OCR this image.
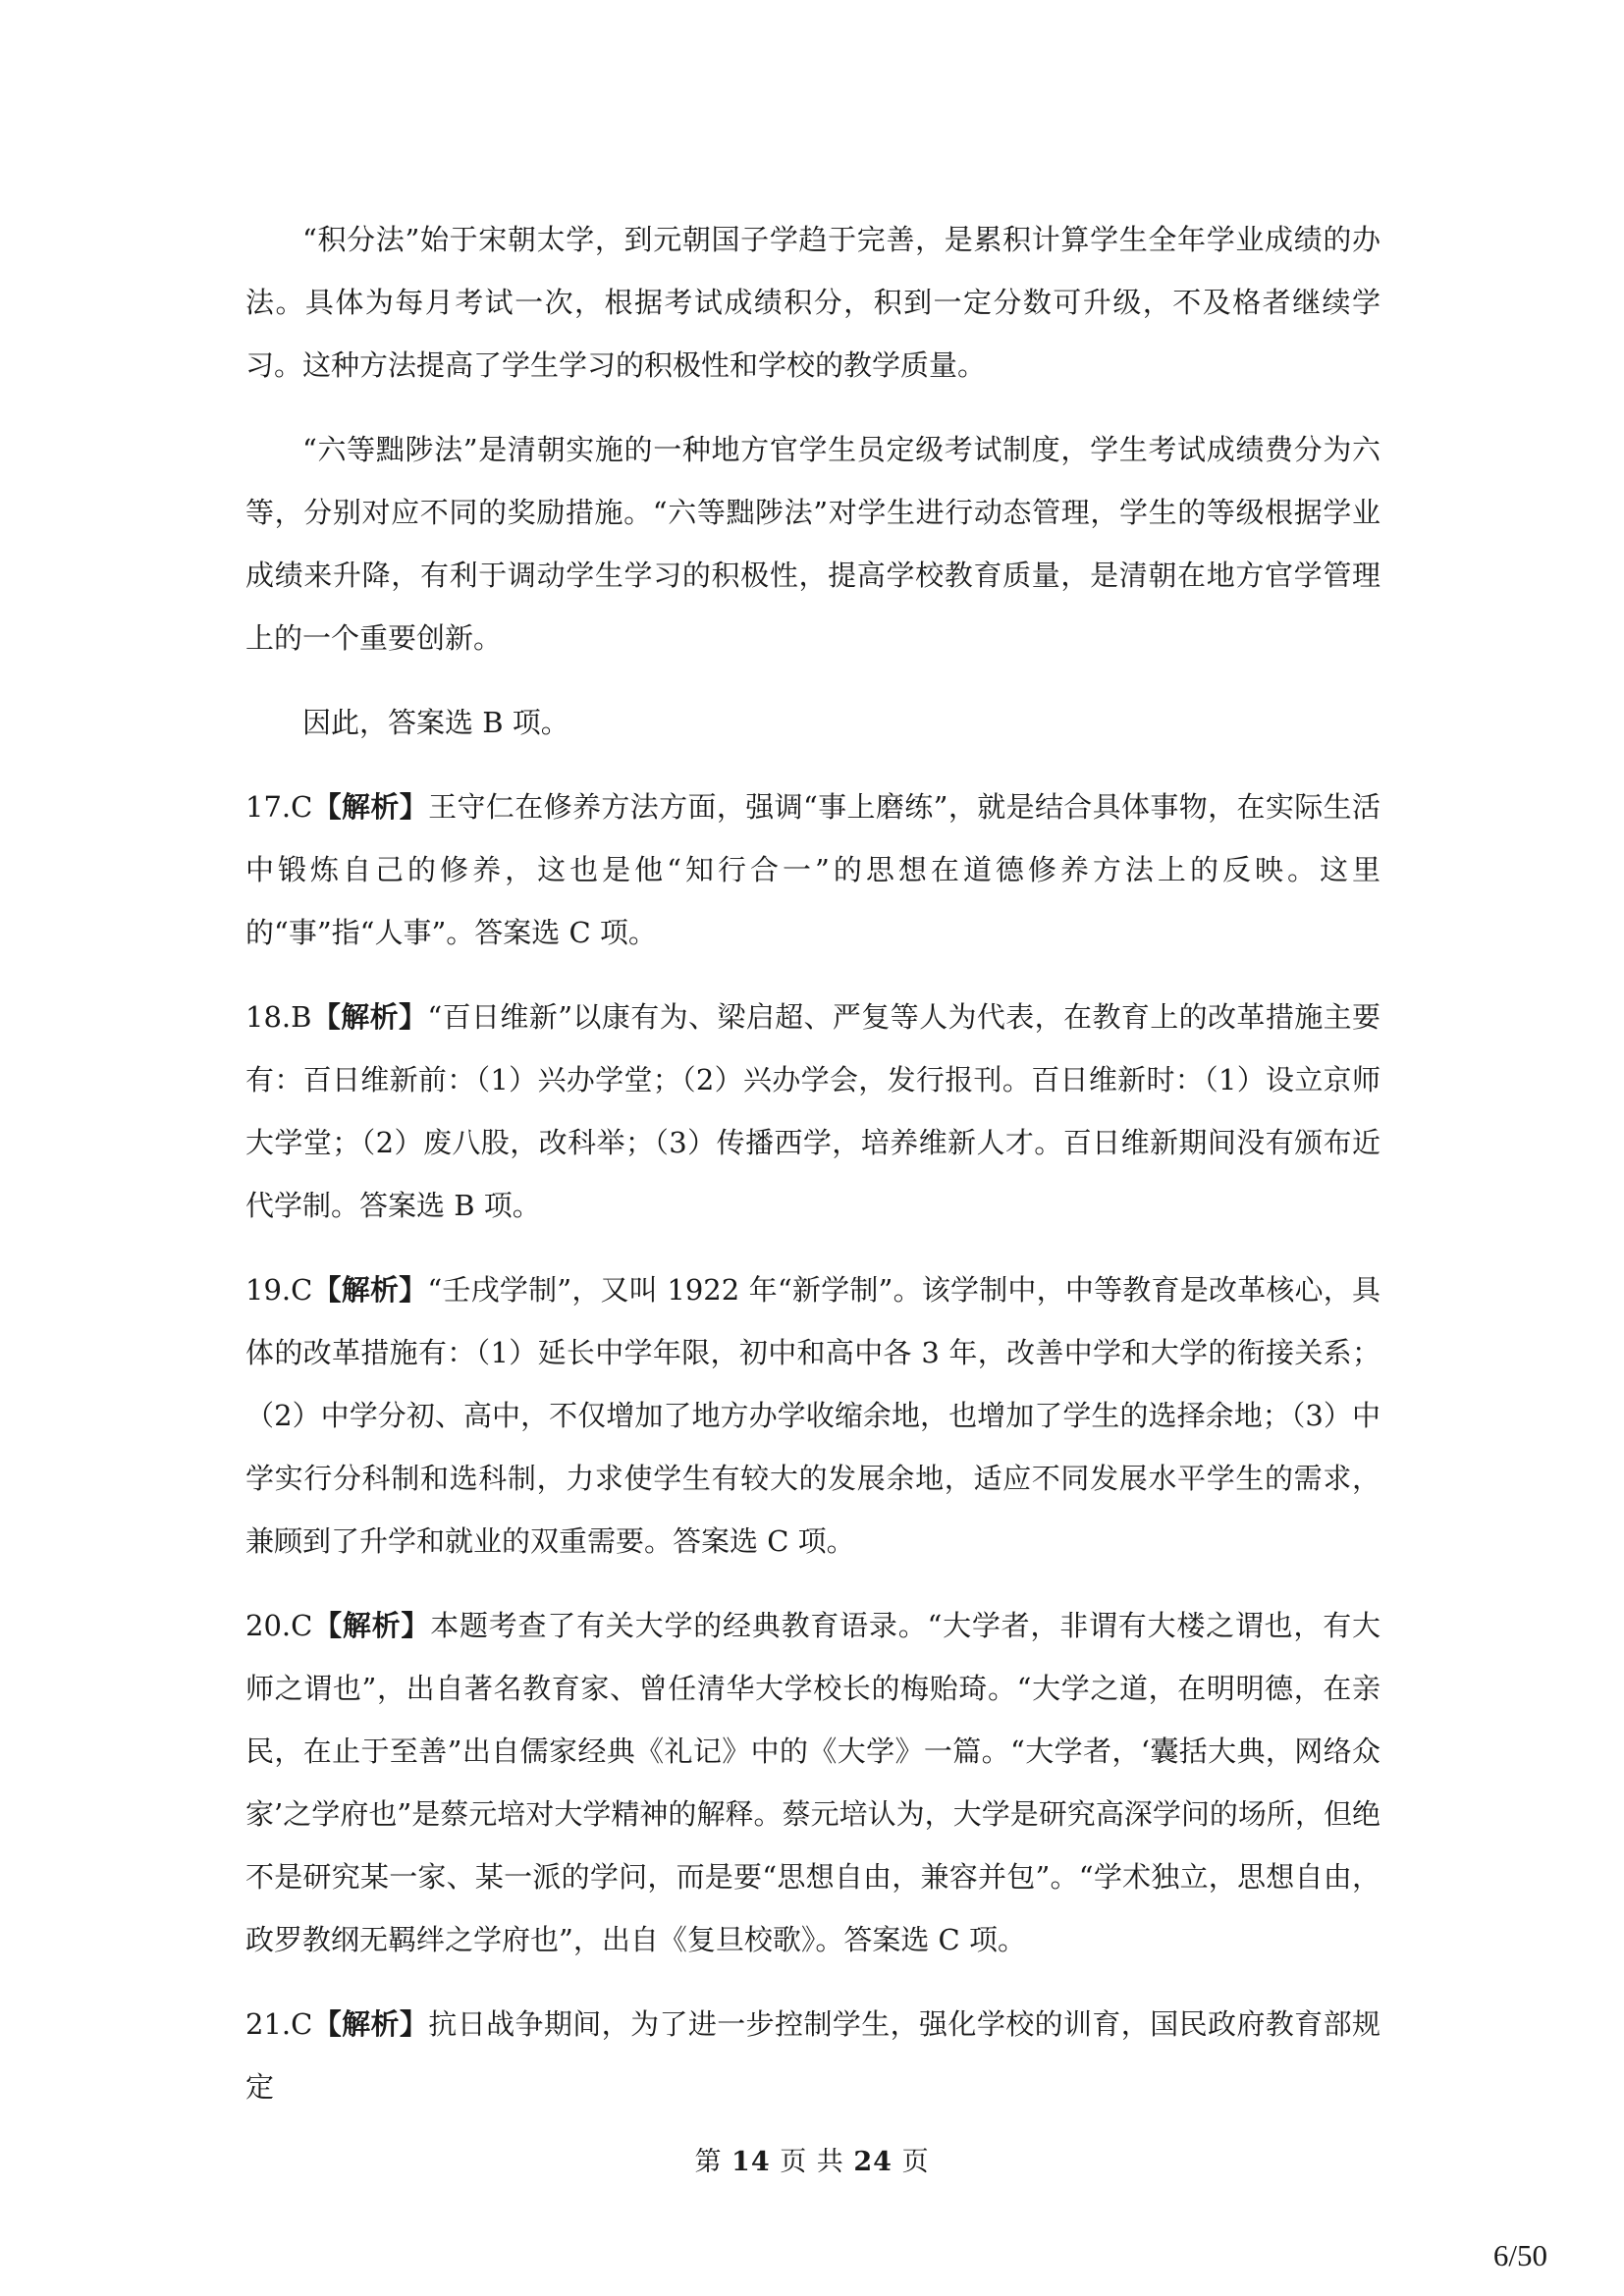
“积分法”始于宋朝太学，到元朝国子学趋于完善，是累积计算学生全年学业成绩的办法。具体为每月考试一次，根据考试成绩积分，积到一定分数可升级，不及格者继续学习。这种方法提高了学生学习的积极性和学校的教学质量。

“六等黜陟法”是清朝实施的一种地方官学生员定级考试制度，学生考试成绩费分为六等，分别对应不同的奖励措施。“六等黜陟法”对学生进行动态管理，学生的等级根据学业成绩来升降，有利于调动学生学习的积极性，提高学校教育质量，是清朝在地方官学管理上的一个重要创新。

因此，答案选 B 项。

17.C【解析】王守仁在修养方法方面，强调“事上磨练”，就是结合具体事物，在实际生活中锻炼自己的修养，这也是他“知行合一”的思想在道德修养方法上的反映。这里的“事”指“人事”。答案选 C 项。

18.B【解析】“百日维新”以康有为、梁启超、严复等人为代表，在教育上的改革措施主要有：百日维新前：（1）兴办学堂；（2）兴办学会，发行报刊。百日维新时：（1）设立京师大学堂；（2）废八股，改科举；（3）传播西学，培养维新人才。百日维新期间没有颁布近代学制。答案选 B 项。

19.C【解析】“壬戌学制”，又叫 1922 年“新学制”。该学制中，中等教育是改革核心，具体的改革措施有：（1）延长中学年限，初中和高中各 3 年，改善中学和大学的衔接关系；（2）中学分初、高中，不仅增加了地方办学收缩余地，也增加了学生的选择余地；（3）中学实行分科制和选科制，力求使学生有较大的发展余地，适应不同发展水平学生的需求，兼顾到了升学和就业的双重需要。答案选 C 项。

20.C【解析】本题考查了有关大学的经典教育语录。“大学者，非谓有大楼之谓也，有大师之谓也”，出自著名教育家、曾任清华大学校长的梅贻琦。“大学之道，在明明德，在亲民，在止于至善”出自儒家经典《礼记》中的《大学》一篇。“大学者，‘囊括大典，网络众家’之学府也”是蔡元培对大学精神的解释。蔡元培认为，大学是研究高深学问的场所，但绝不是研究某一家、某一派的学问，而是要“思想自由，兼容并包”。“学术独立，思想自由，政罗教纲无羁绊之学府也”，出自《复旦校歌》。答案选 C 项。

21.C【解析】抗日战争期间，为了进一步控制学生，强化学校的训育，国民政府教育部规定

第 14 页 共 24 页
6/50
